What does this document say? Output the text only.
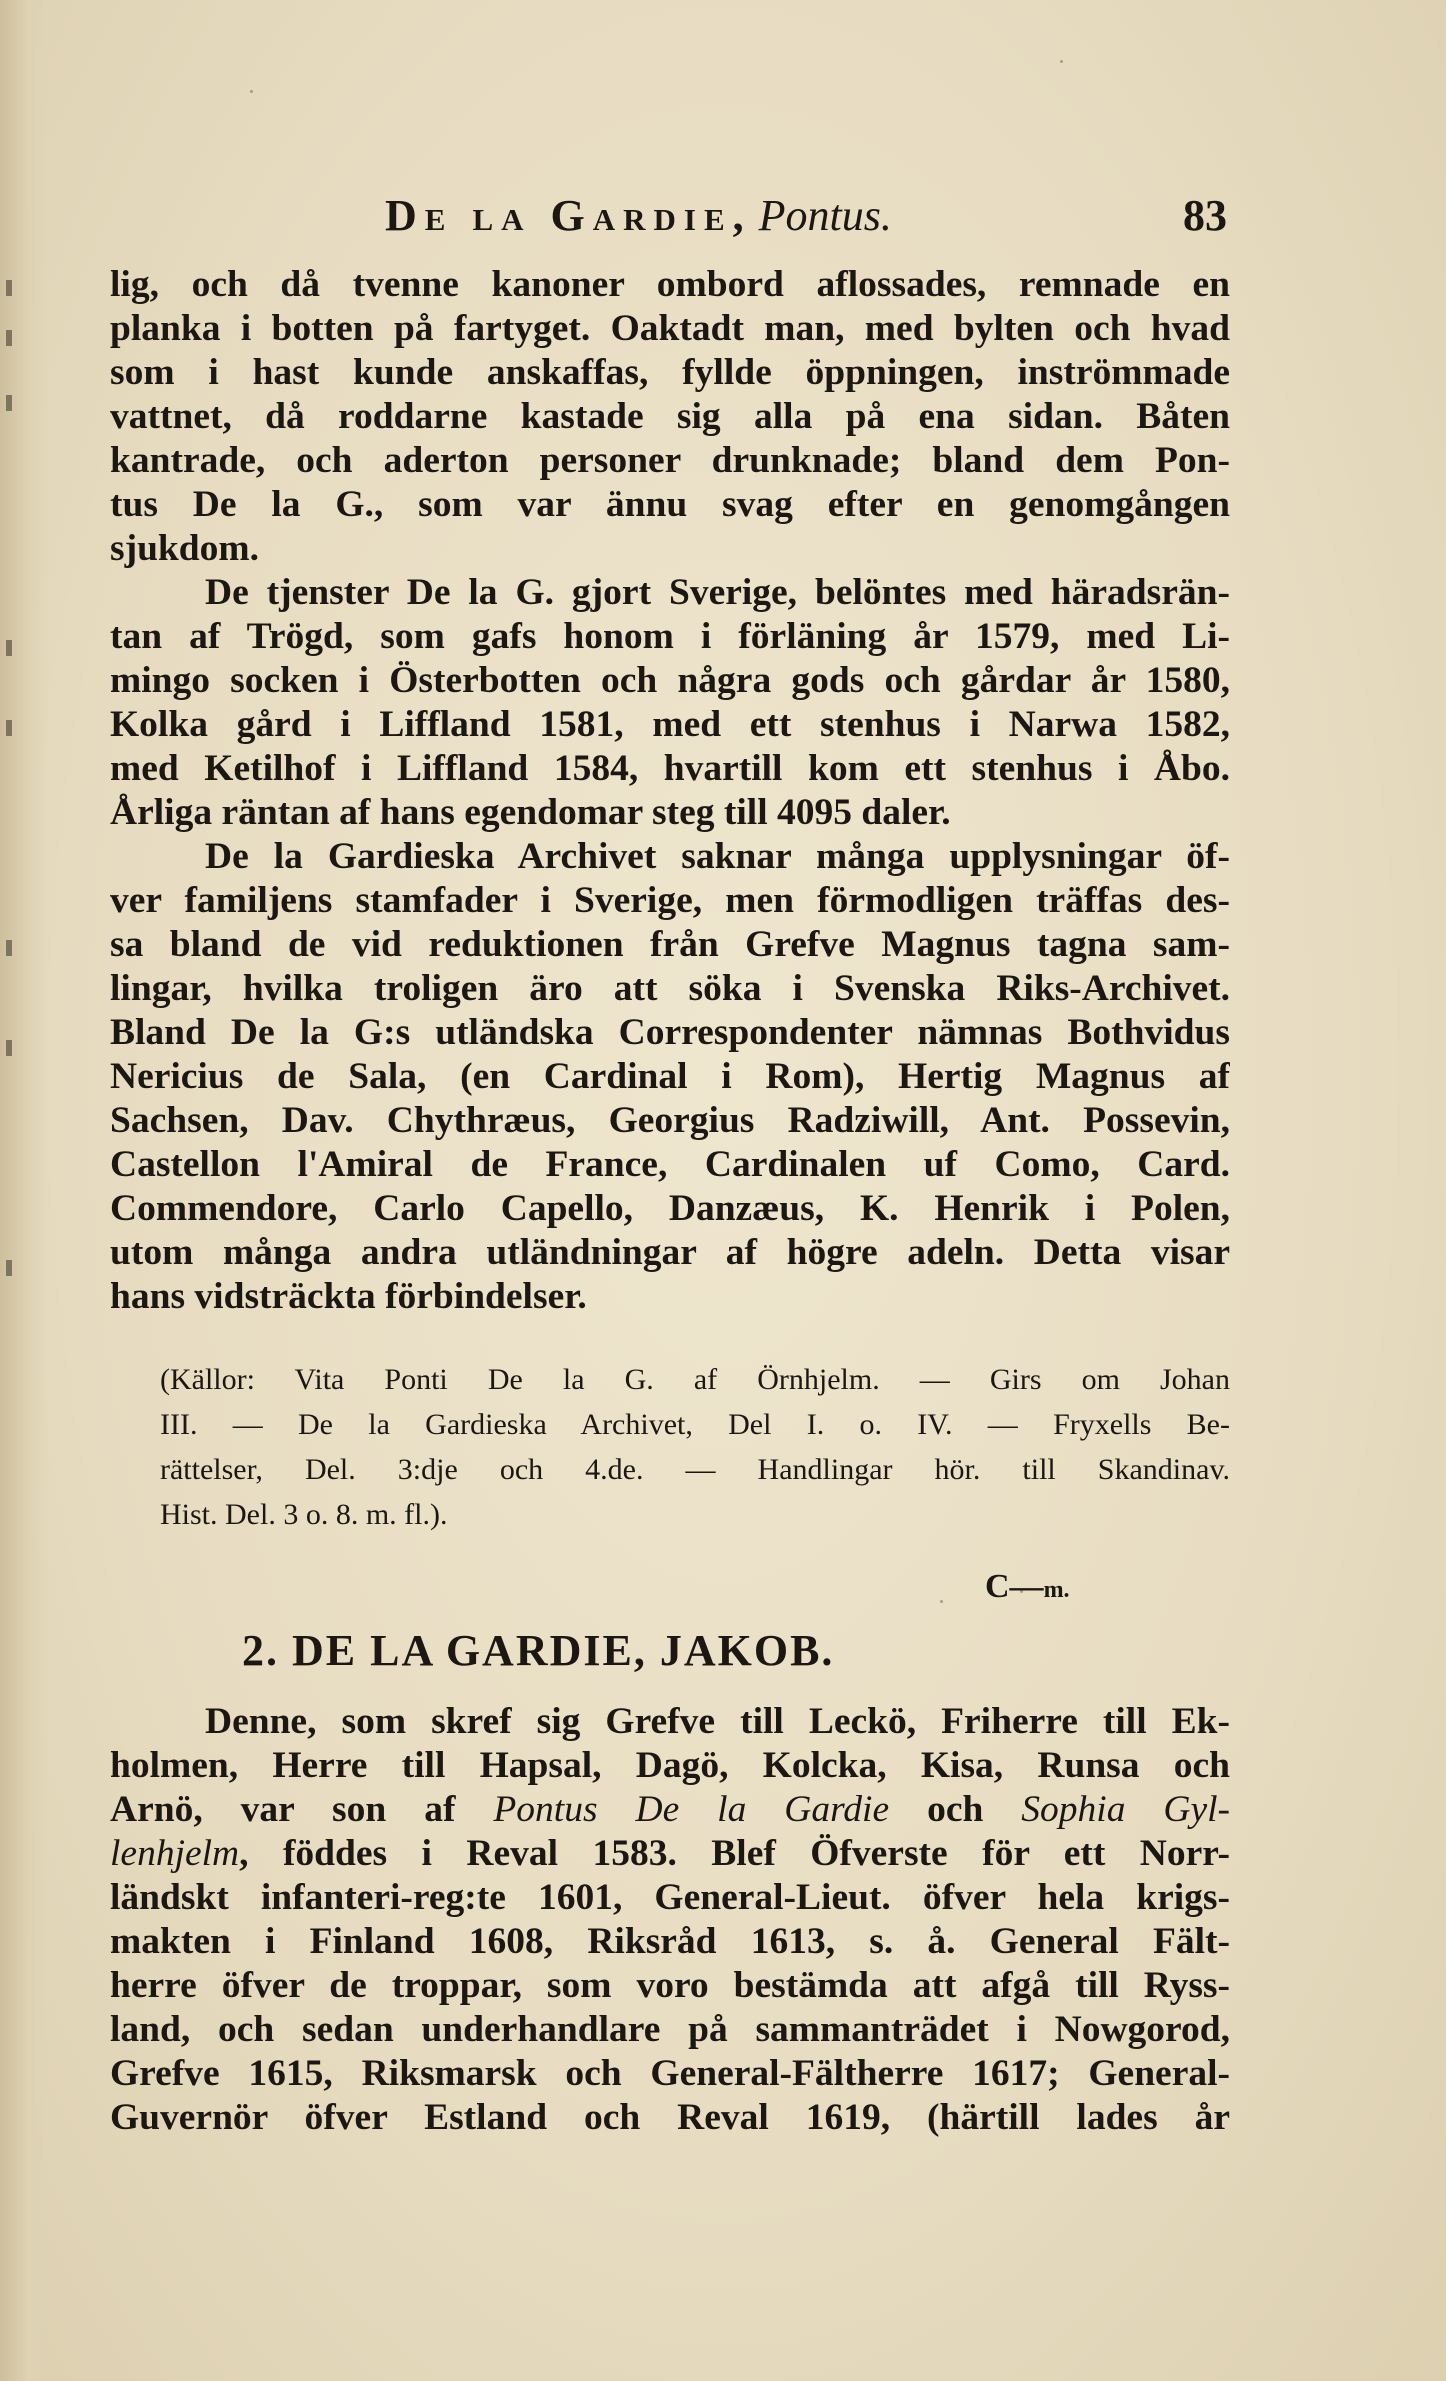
De la Gardie, Pontus.	83
lig, och då tvenne kanoner ombord aflossades, remnade en
planka i botten på fartyget. Oaktadt man, med bylten och hvad
som i hast kunde anskaffas, fyllde öppningen, inströmmade
vattnet, då roddarne kastade sig alla på ena sidan. Båten
kantrade, och aderton personer drunknade; bland dem Pon-
tus De la G., som var ännu svag efter en genomgången
sjukdom.
De tjenster De la G. gjort Sverige, belöntes med häradsrän-
tan af Trögd, som gafs honom i förläning år 1579, med Li-
mingo socken i Österbotten och några gods och gårdar år 1580,
Kolka gård i Liffland 1581, med ett stenhus i Narwa 1582,
med Ketilhof i Liffland 1584, hvartill kom ett stenhus i Åbo.
Årliga räntan af hans egendomar steg till 4095 daler.
De la Gardieska Archivet saknar många upplysningar öf-
ver familjens stamfader i Sverige, men förmodligen träffas des-
sa bland de vid reduktionen från Grefve Magnus tagna sam-
lingar, hvilka troligen äro att söka i Svenska Riks-Archivet.
Bland De la G:s utländska Correspondenter nämnas Bothvidus
Nericius de Sala, (en Cardinal i Rom), Hertig Magnus af
Sachsen, Dav. Chythræus, Georgius Radziwill, Ant. Possevin,
Castellon l'Amiral de France, Cardinalen uf Como, Card.
Commendore, Carlo Capello, Danzæus, K. Henrik i Polen,
utom många andra utländningar af högre adeln. Detta visar
hans vidsträckta förbindelser.
(Källor: Vita Ponti De la G. af Örnhjelm. — Girs om Johan
III. — De la Gardieska Archivet, Del I. o. IV. — Fryxells Be-
rättelser, Del. 3:dje och 4.de. — Handlingar hör. till Skandinav.
Hist. Del. 3 o. 8. m. fl.).
C—m.
2. DE LA GARDIE, JAKOB.
Denne, som skref sig Grefve till Leckö, Friherre till Ek-
holmen, Herre till Hapsal, Dagö, Kolcka, Kisa, Runsa och
Arnö, var son af Pontus De la Gardie och Sophia Gyl-
lenhjelm, föddes i Reval 1583. Blef Öfverste för ett Norr-
ländskt infanteri-reg:te 1601, General-Lieut. öfver hela krigs-
makten i Finland 1608, Riksråd 1613, s. å. General Fält-
herre öfver de troppar, som voro bestämda att afgå till Ryss-
land, och sedan underhandlare på sammanträdet i Nowgorod,
Grefve 1615, Riksmarsk och General-Fältherre 1617; General-
Guvernör öfver Estland och Reval 1619, (härtill lades år
